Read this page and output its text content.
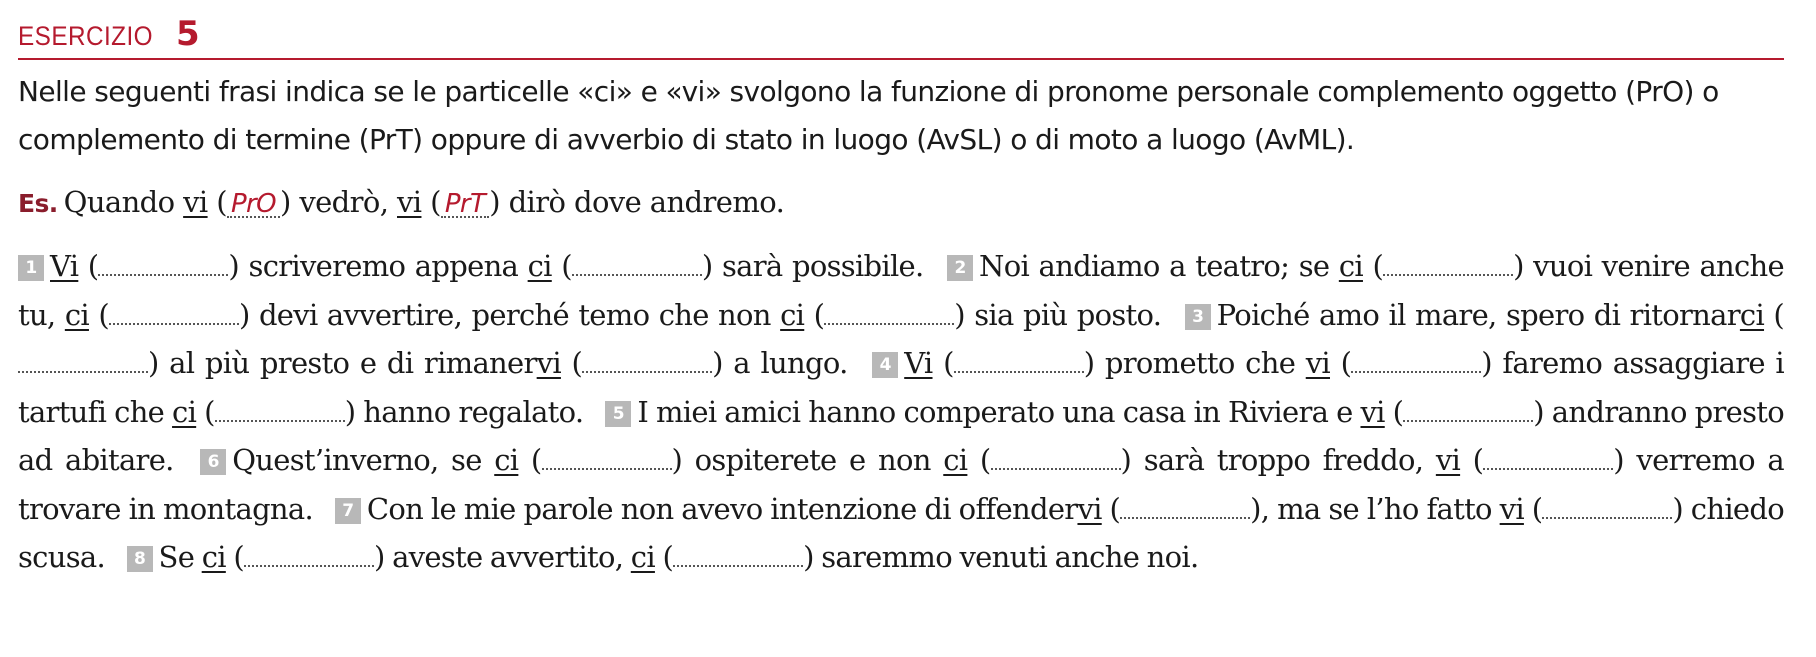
ESERCIZIO 5
Nelle seguenti frasi indica se le particelle «ci» e «vi» svolgono la funzione di pronome personale complemento oggetto (PrO) o complemento di termine (PrT) oppure di avverbio di stato in luogo (AvSL) o di moto a luogo (AvML).
Es. Quando vi ( PrO ) vedrò, vi ( PrT ) dirò dove andremo.
1 Vi (	) scriveremo appena ci (	) sarà possibile. 2 Noi andiamo a teatro; se ci (	) vuoi venire anche tu, ci (	) devi avvertire, perché temo che non ci (	) sia più posto. 3 Poiché amo il mare, spero di ritornarci () al più presto e di rimanervi (	) a lungo. 4 Vi (	) prometto che vi (	) faremo assaggiare i tartufi che ci (	) hanno regalato. 5 I miei amici hanno comperato una casa in Riviera e vi (	) andranno presto ad abitare. 6 Quest’inverno, se ci (	) ospiterete e non ci (	) sarà troppo freddo, vi (	) verremo a trovare in montagna. 7 Con le mie parole non avevo intenzione di offendervi (	), ma se l’ho fatto vi (	) chiedo scusa. 8 Se ci (	) aveste avvertito, ci (	) saremmo venuti anche noi.
